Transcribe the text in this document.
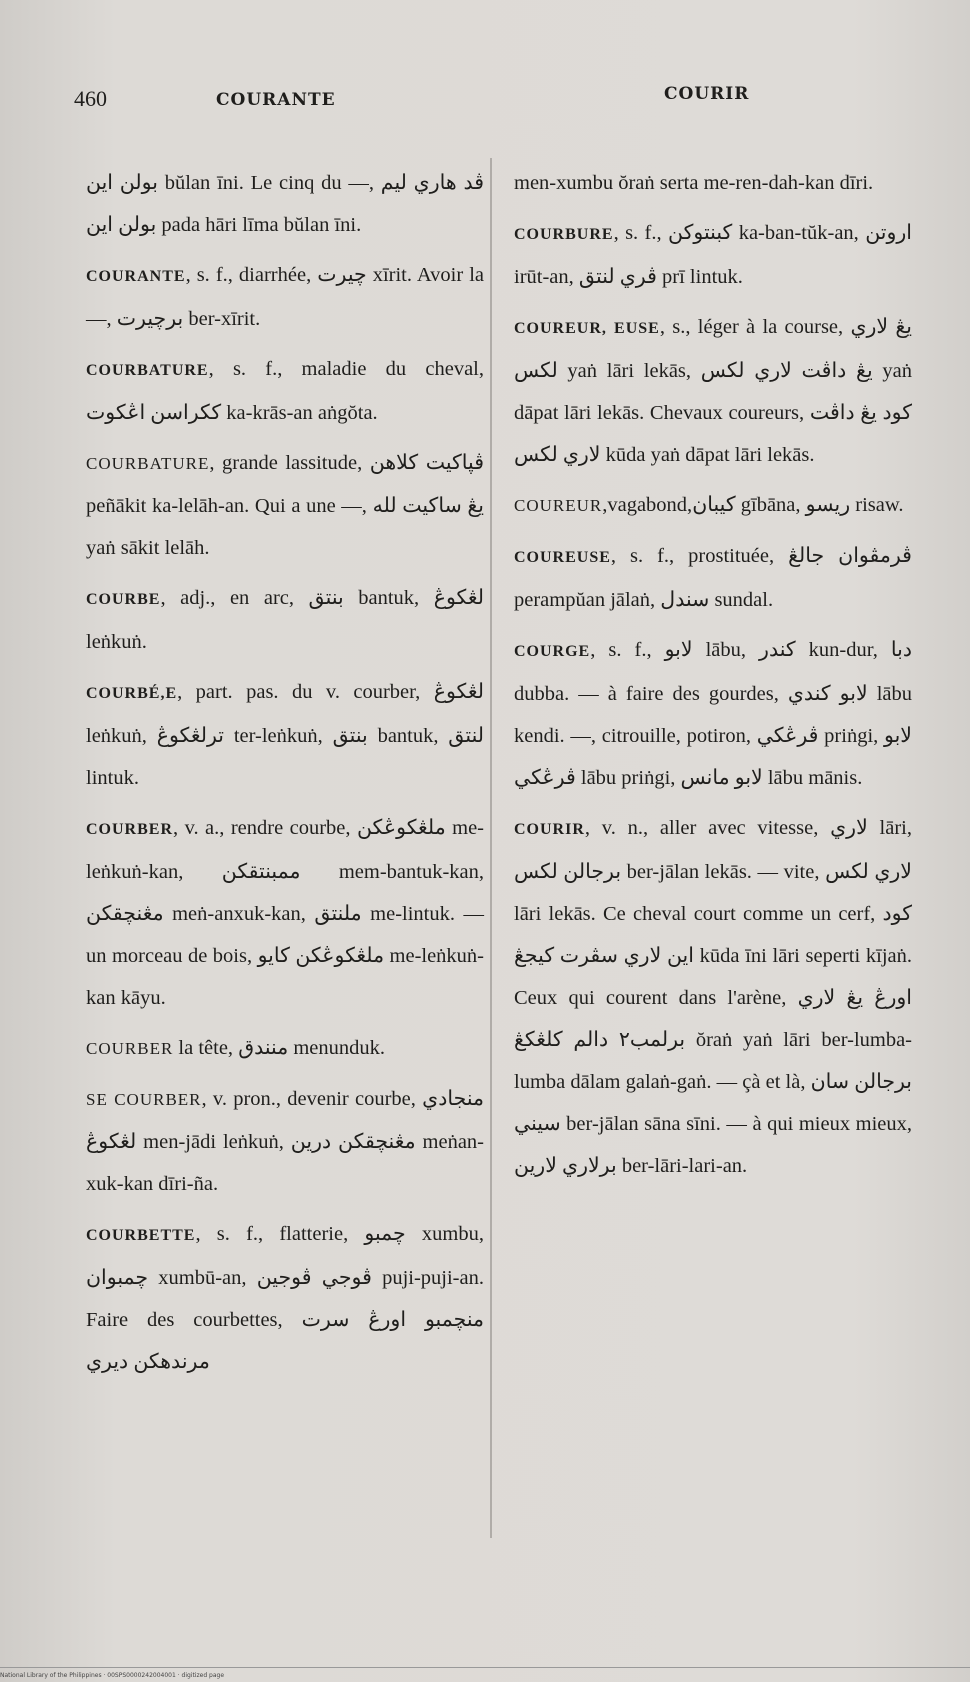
460	COURANTE	COURIR

بولن اين bŭlan īni. Le cinq du —, ڤد هاري ليم بولن اين pada hāri līma bŭlan īni.

COURANTE, s. f., diarrhée, چيرت xīrit. Avoir la —, برچيرت ber-xīrit.

COURBATURE, s. f., maladie du cheval, ککراسن اڠکوت ka-krās-an aṅgŏta.

COURBATURE, grande lassitude, ڤڽاکيت کلاهن peñākit ka-lelāh-an. Qui a une —, يڠ ساکيت لله yaṅ sākit lelāh.

COURBE, adj., en arc, بنتق bantuk, لڠکوڠ leṅkuṅ.

COURBÉ,E, part. pas. du v. courber, لڠکوڠ leṅkuṅ, ترلڠکوڠ ter-leṅkuṅ, بنتق bantuk, لنتق lintuk.

COURBER, v. a., rendre courbe, ملڠکوڠکن me-leṅkuṅ-kan, ممبنتقکن mem-bantuk-kan, مڠنچقکن meṅ-anxuk-kan, ملنتق me-lintuk. — un morceau de bois, ملڠکوڠکن کايو me-leṅkuṅ-kan kāyu.

COURBER la tête, منندق menunduk.

SE COURBER, v. pron., devenir courbe, منجادي لڠکوڠ men-jādi leṅkuṅ, مڠنچقکن درين meṅan-xuk-kan dīri-ña.

COURBETTE, s. f., flatterie, چمبو xumbu, چمبوان xumbū-an, ڤوجي ڤوجين puji-puji-an. Faire des courbettes, منچمبو اورڠ سرت مرندهکن ديري

men-xumbu ŏraṅ serta me-ren-dah-kan dīri.

COURBURE, s. f., کبنتوکن ka-ban-tŭk-an, اروتن irūt-an, ڤري لنتق prī lintuk.

COUREUR, EUSE, s., léger à la course, يڠ لاري لکس yaṅ lāri lekās, يڠ داڤت لاري لکس yaṅ dāpat lāri lekās. Chevaux coureurs, کود يڠ داڤت لاري لکس kūda yaṅ dāpat lāri lekās.

COUREUR,vagabond,کيبان gībāna, ريسو risaw.

COUREUSE, s. f., prostituée, ڤرمڤوان جالڠ perampŭan jālaṅ, سندل sundal.

COURGE, s. f., لابو lābu, کندر kun-dur, دبا dubba. — à faire des gourdes, لابو کندي lābu kendi. —, citrouille, potiron, ڤرڠکي priṅgi, لابو ڤرڠکي lābu priṅgi, لابو مانس lābu mānis.

COURIR, v. n., aller avec vitesse, لاري lāri, برجالن لکس ber-jālan lekās. — vite, لاري لکس lāri lekās. Ce cheval court comme un cerf, کود اين لاري سڤرت کيجڠ kūda īni lāri seperti kījaṅ. Ceux qui courent dans l'arène, اورڠ يڠ لاري برلمب٢ دالم کلڠکڠ ŏraṅ yaṅ lāri ber-lumba-lumba dālam galaṅ-gaṅ. — çà et là, برجالن سان سيني ber-jālan sāna sīni. — à qui mieux mieux, برلاري لارين ber-lāri-lari-an.

National Library of the Philippines · 00SPS0000242004001 · digitized page
